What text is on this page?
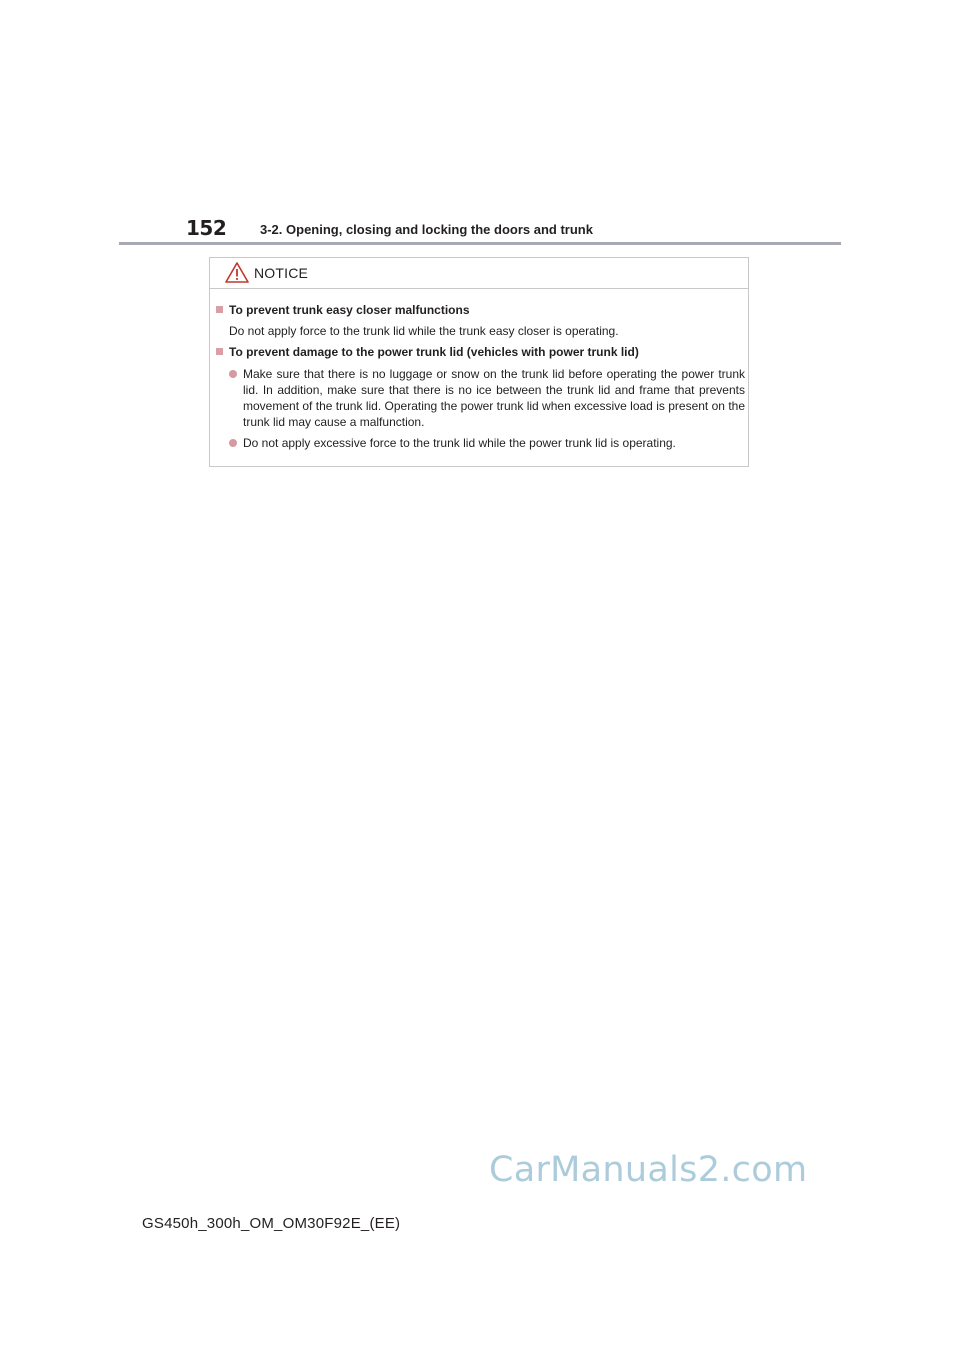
152	3-2. Opening, closing and locking the doors and trunk
NOTICE
To prevent trunk easy closer malfunctions
Do not apply force to the trunk lid while the trunk easy closer is operating.
To prevent damage to the power trunk lid (vehicles with power trunk lid)
Make sure that there is no luggage or snow on the trunk lid before operating the power trunk lid. In addition, make sure that there is no ice between the trunk lid and frame that prevents movement of the trunk lid. Operating the power trunk lid when excessive load is present on the trunk lid may cause a malfunction.
Do not apply excessive force to the trunk lid while the power trunk lid is operating.
CarManuals2.com
GS450h_300h_OM_OM30F92E_(EE)
